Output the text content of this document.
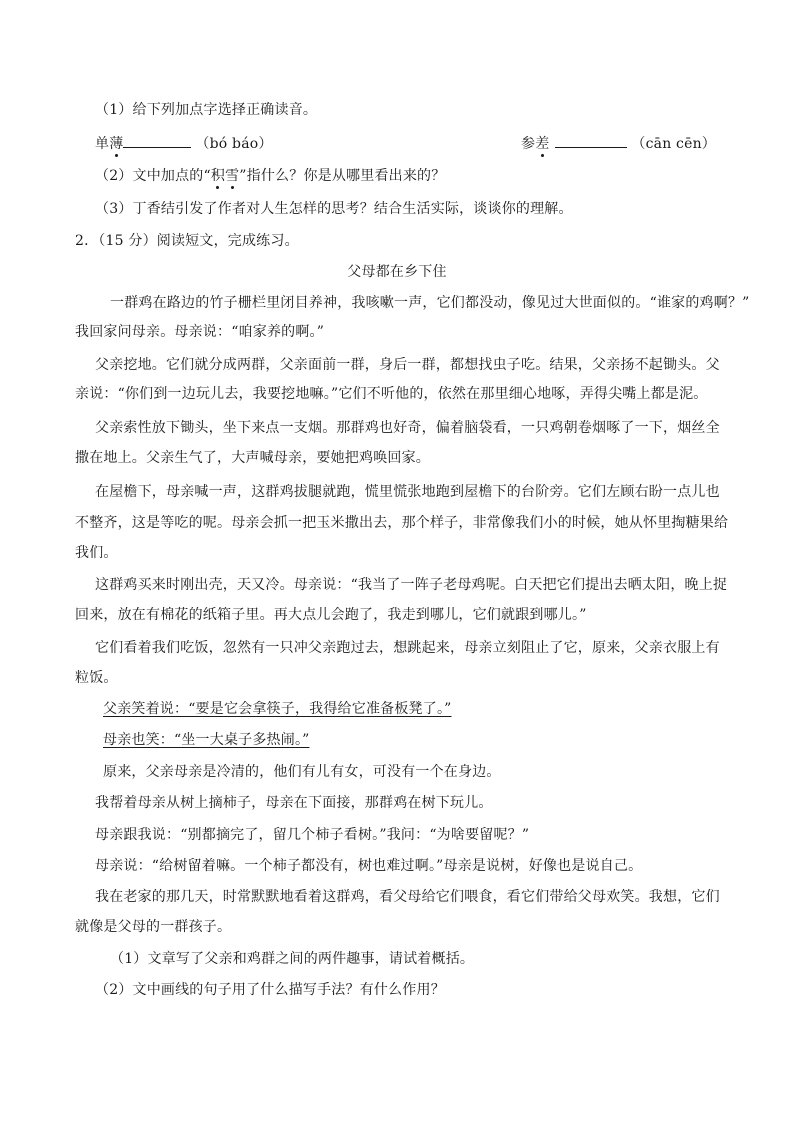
（1）给下列加点字选择正确读音。
单薄	（bó báo）	参差	（cān cēn）
（2）文中加点的“积雪”指什么？你是从哪里看出来的？
（3）丁香结引发了作者对人生怎样的思考？结合生活实际，谈谈你的理解。
2．（15 分）阅读短文，完成练习。
父母都在乡下住
一群鸡在路边的竹子栅栏里闭目养神，我咳嗽一声，它们都没动，像见过大世面似的。“谁家的鸡啊？”
我回家问母亲。母亲说：“咱家养的啊。”
父亲挖地。它们就分成两群，父亲面前一群，身后一群，都想找虫子吃。结果，父亲扬不起锄头。父
亲说：“你们到一边玩儿去，我要挖地嘛。”它们不听他的，依然在那里细心地啄，弄得尖嘴上都是泥。
父亲索性放下锄头，坐下来点一支烟。那群鸡也好奇，偏着脑袋看，一只鸡朝卷烟啄了一下，烟丝全
撒在地上。父亲生气了，大声喊母亲，要她把鸡唤回家。
在屋檐下，母亲喊一声，这群鸡拔腿就跑，慌里慌张地跑到屋檐下的台阶旁。它们左顾右盼一点儿也
不整齐，这是等吃的呢。母亲会抓一把玉米撒出去，那个样子，非常像我们小的时候，她从怀里掏糖果给
我们。
这群鸡买来时刚出壳，天又冷。母亲说：“我当了一阵子老母鸡呢。白天把它们提出去晒太阳，晚上捉
回来，放在有棉花的纸箱子里。再大点儿会跑了，我走到哪儿，它们就跟到哪儿。”
它们看着我们吃饭，忽然有一只冲父亲跑过去，想跳起来，母亲立刻阻止了它，原来，父亲衣服上有
粒饭。
父亲笑着说：“要是它会拿筷子，我得给它准备板凳了。”
母亲也笑：“坐一大桌子多热闹。”
原来，父亲母亲是冷清的，他们有儿有女，可没有一个在身边。
我帮着母亲从树上摘柿子，母亲在下面接，那群鸡在树下玩儿。
母亲跟我说：“别都摘完了，留几个柿子看树。”我问：“为啥要留呢？”
母亲说：“给树留着嘛。一个柿子都没有，树也难过啊。”母亲是说树，好像也是说自己。
我在老家的那几天，时常默默地看着这群鸡，看父母给它们喂食，看它们带给父母欢笑。我想，它们
就像是父母的一群孩子。
（1）文章写了父亲和鸡群之间的两件趣事，请试着概括。
（2）文中画线的句子用了什么描写手法？有什么作用？
